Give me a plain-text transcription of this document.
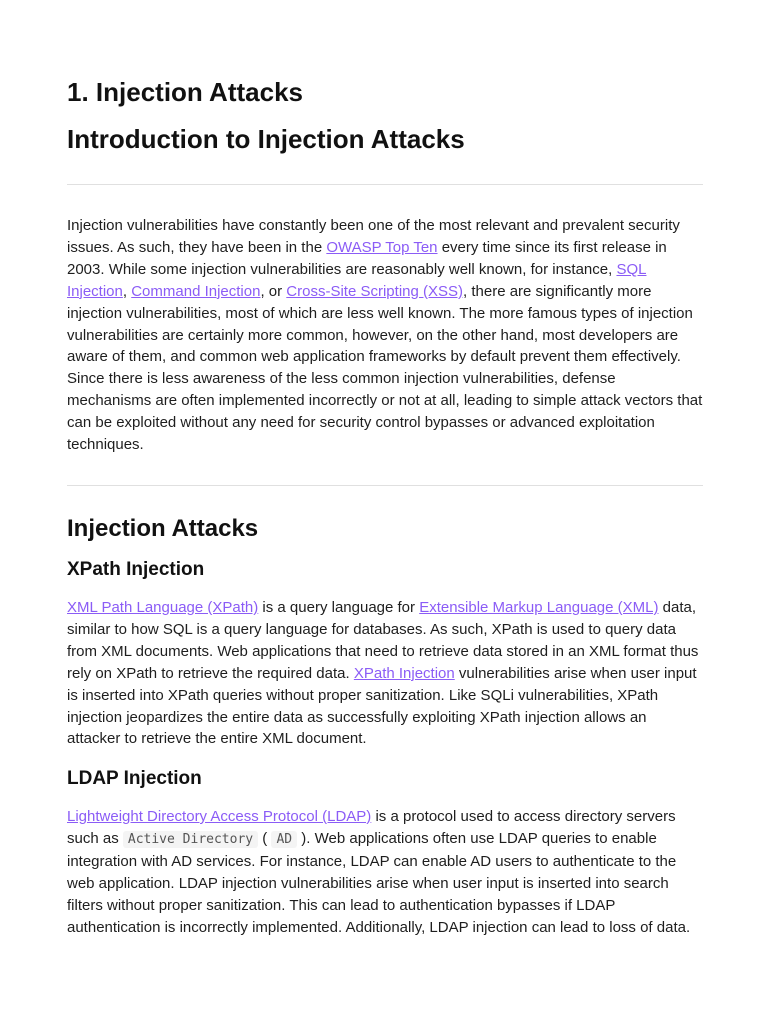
1. Injection Attacks
Introduction to Injection Attacks

Injection vulnerabilities have constantly been one of the most relevant and prevalent security issues. As such, they have been in the OWASP Top Ten every time since its first release in 2003. While some injection vulnerabilities are reasonably well known, for instance, SQL Injection, Command Injection, or Cross-Site Scripting (XSS), there are significantly more injection vulnerabilities, most of which are less well known. The more famous types of injection vulnerabilities are certainly more common, however, on the other hand, most developers are aware of them, and common web application frameworks by default prevent them effectively. Since there is less awareness of the less common injection vulnerabilities, defense mechanisms are often implemented incorrectly or not at all, leading to simple attack vectors that can be exploited without any need for security control bypasses or advanced exploitation techniques.

Injection Attacks
XPath Injection

XML Path Language (XPath) is a query language for Extensible Markup Language (XML) data, similar to how SQL is a query language for databases. As such, XPath is used to query data from XML documents. Web applications that need to retrieve data stored in an XML format thus rely on XPath to retrieve the required data. XPath Injection vulnerabilities arise when user input is inserted into XPath queries without proper sanitization. Like SQLi vulnerabilities, XPath injection jeopardizes the entire data as successfully exploiting XPath injection allows an attacker to retrieve the entire XML document.

LDAP Injection

Lightweight Directory Access Protocol (LDAP) is a protocol used to access directory servers such as Active Directory ( AD ). Web applications often use LDAP queries to enable integration with AD services. For instance, LDAP can enable AD users to authenticate to the web application. LDAP injection vulnerabilities arise when user input is inserted into search filters without proper sanitization. This can lead to authentication bypasses if LDAP authentication is incorrectly implemented. Additionally, LDAP injection can lead to loss of data.
